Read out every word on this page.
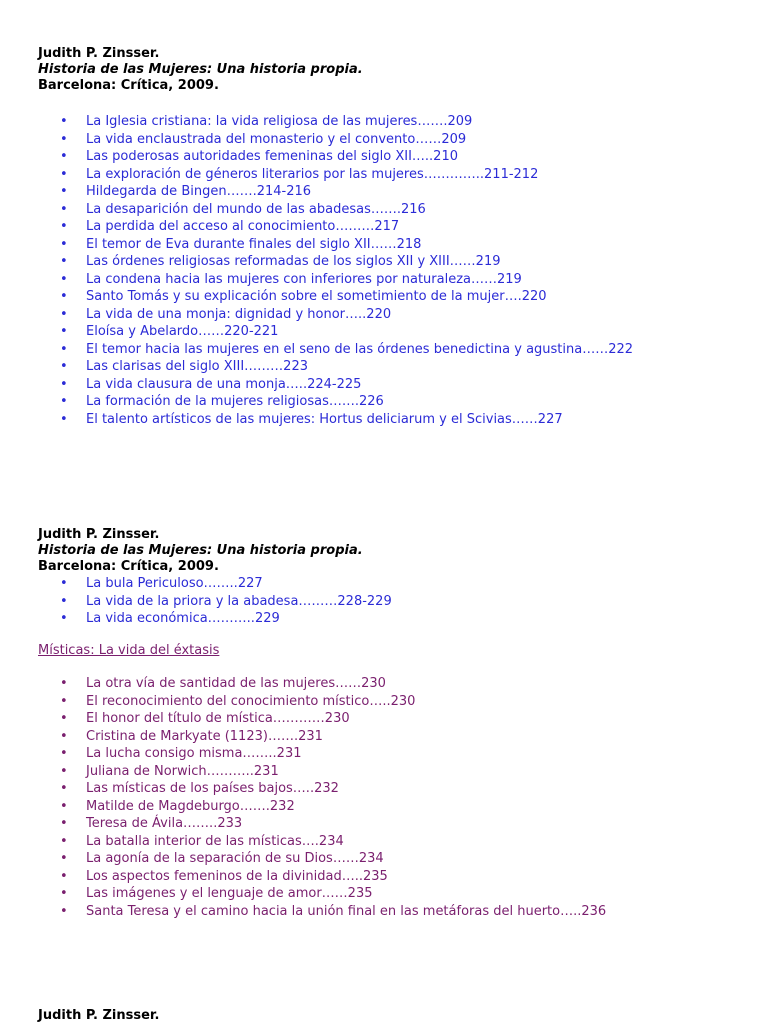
Judith P. Zinsser.
Historia de las Mujeres: Una historia propia.
Barcelona: Crítica, 2009.
• La Iglesia cristiana: la vida religiosa de las mujeres…….209
• La vida enclaustrada del monasterio y el convento……209
• Las poderosas autoridades femeninas del siglo XII…..210
• La exploración de géneros literarios por las mujeres…………..211-212
• Hildegarda de Bingen…….214-216
• La desaparición del mundo de las abadesas…….216
• La perdida del acceso al conocimiento………217
• El temor de Eva durante finales del siglo XII……218
• Las órdenes religiosas reformadas de los siglos XII y XIII……219
• La condena hacia las mujeres con inferiores por naturaleza……219
• Santo Tomás y su explicación sobre el sometimiento de la mujer….220
• La vida de una monja: dignidad y honor…..220
• Eloísa y Abelardo……220-221
• El temor hacia las mujeres en el seno de las órdenes benedictina y agustina……222
• Las clarisas del siglo XIII………223
• La vida clausura de una monja…..224-225
• La formación de la mujeres religiosas…….226
• El talento artísticos de las mujeres: Hortus deliciarum y el Scivias……227
Judith P. Zinsser.
Historia de las Mujeres: Una historia propia.
Barcelona: Crítica, 2009.
• La bula Periculoso……..227
• La vida de la priora y la abadesa………228-229
• La vida económica………..229
Místicas: La vida del éxtasis
• La otra vía de santidad de las mujeres……230
• El reconocimiento del conocimiento místico…..230
• El honor del título de mística…………230
• Cristina de Markyate (1123)…….231
• La lucha consigo misma……..231
• Juliana de Norwich………..231
• Las místicas de los países bajos…..232
• Matilde de Magdeburgo…….232
• Teresa de Ávila……..233
• La batalla interior de las místicas….234
• La agonía de la separación de su Dios……234
• Los aspectos femeninos de la divinidad…..235
• Las imágenes y el lenguaje de amor……235
• Santa Teresa y el camino hacia la unión final en las metáforas del huerto…..236
Judith P. Zinsser.
